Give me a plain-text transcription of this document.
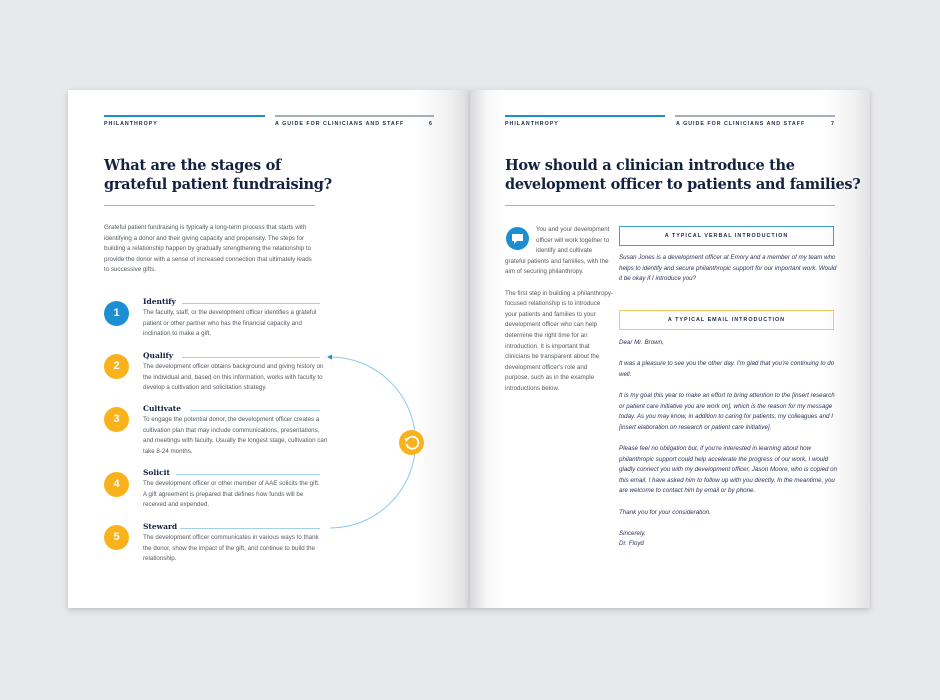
PHILANTHROPY	A GUIDE FOR CLINICIANS AND STAFF	6
What are the stages of
grateful patient fundraising?
Grateful patient fundraising is typically a long-term process that starts with identifying a donor and their giving capacity and propensity. The steps for building a relationship happen by gradually strengthening the relationship to provide the donor with a sense of increased connection that ultimately leads to successive gifts.
1
Identify
The faculty, staff, or the development officer identifies a grateful patient or other partner who has the financial capacity and inclination to make a gift.
2
Qualify
The development officer obtains background and giving history on the individual and, based on this information, works with faculty to develop a cultivation and solicitation strategy.
3
Cultivate
To engage the potential donor, the development officer creates a cultivation plan that may include communications, presentations, and meetings with faculty. Usually the longest stage, cultivation can take 8-24 months.
4
Solicit
The development officer or other member of AAE solicits the gift. A gift agreement is prepared that defines how funds will be received and expended.
5
Steward
The development officer communicates in various ways to thank the donor, show the impact of the gift, and continue to build the relationship.
PHILANTHROPY	A GUIDE FOR CLINICIANS AND STAFF	7
How should a clinician introduce the
development officer to patients and families?
You and your development officer will work together to identify and cultivate grateful patients and families, with the aim of securing philanthropy.
The first step in building a philanthropy-focused relationship is to introduce your patients and families to your development officer who can help determine the right time for an introduction. It is important that clinicians be transparent about the development officer's role and purpose, such as in the example introductions below.
A TYPICAL VERBAL INTRODUCTION
Susan Jones is a development officer at Emory and a member of my team who helps to identify and secure philanthropic support for our important work. Would it be okay if I introduce you?
A TYPICAL EMAIL INTRODUCTION

Dear Mr. Brown,

It was a pleasure to see you the other day. I'm glad that you're continuing to do well.

It is my goal this year to make an effort to bring attention to the [insert research or patient care initiative you are work on], which is the reason for my message today. As you may know, in addition to caring for patients, my colleagues and I [insert elaboration on research or patient care initiative].

Please feel no obligation but, if you're interested in learning about how philanthropic support could help accelerate the progress of our work, I would gladly connect you with my development officer, Jason Moore, who is copied on this email. I have asked him to follow up with you directly. In the meantime, you are welcome to contact him by email or by phone.

Thank you for your consideration.

Sincerely,
Dr. Floyd
